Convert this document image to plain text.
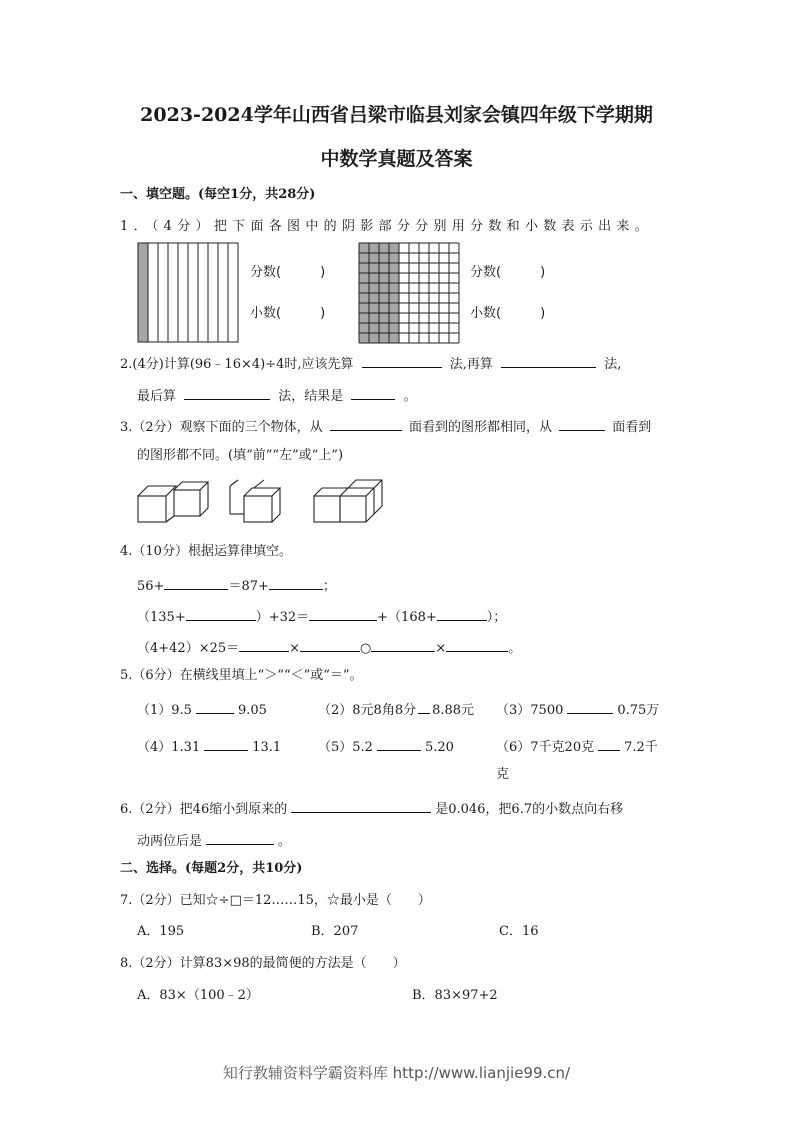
2023-2024学年山西省吕梁市临县刘家会镇四年级下学期期
中数学真题及答案
一、填空题。(每空1分，共28分)
1．（4分）把下面各图中的阴影部分分别用分数和小数表示出来。
分数(　　　)
小数(　　　)
分数(　　　)
小数(　　　)
2.(4分)计算(96﹣16×4)÷4时,应该先算	法,再算	法,
最后算	法，结果是	。
3.（2分）观察下面的三个物体，从	面看到的图形都相同，从	面看到
的图形都不同。(填“前”“左”或“上”)
4.（10分）根据运算律填空。
56+	＝87+	；
（135+	）+32＝	+（168+	）；
（4+42）×25＝	×	○	×	。
5.（6分）在横线里填上“＞”“＜”或“＝”。
（1）9.5	9.05	（2）8元8角8分 8.88元 （3）7500	0.75万
（4）1.31	13.1	（5）5.2	5.20	（6）7千克20克 7.2千
克
6.（2分）把46缩小到原来的	是0.046，把6.7的小数点向右移
动两位后是	。
二、选择。(每题2分，共10分)
7.（2分）已知☆÷□＝12……15，☆最小是（　　）
A．195	B．207	C．16
8.（2分）计算83×98的最简便的方法是（　　）
A．83×（100﹣2）	B．83×97+2
知行教辅资料学霸资料库 http://www.lianjie99.cn/
